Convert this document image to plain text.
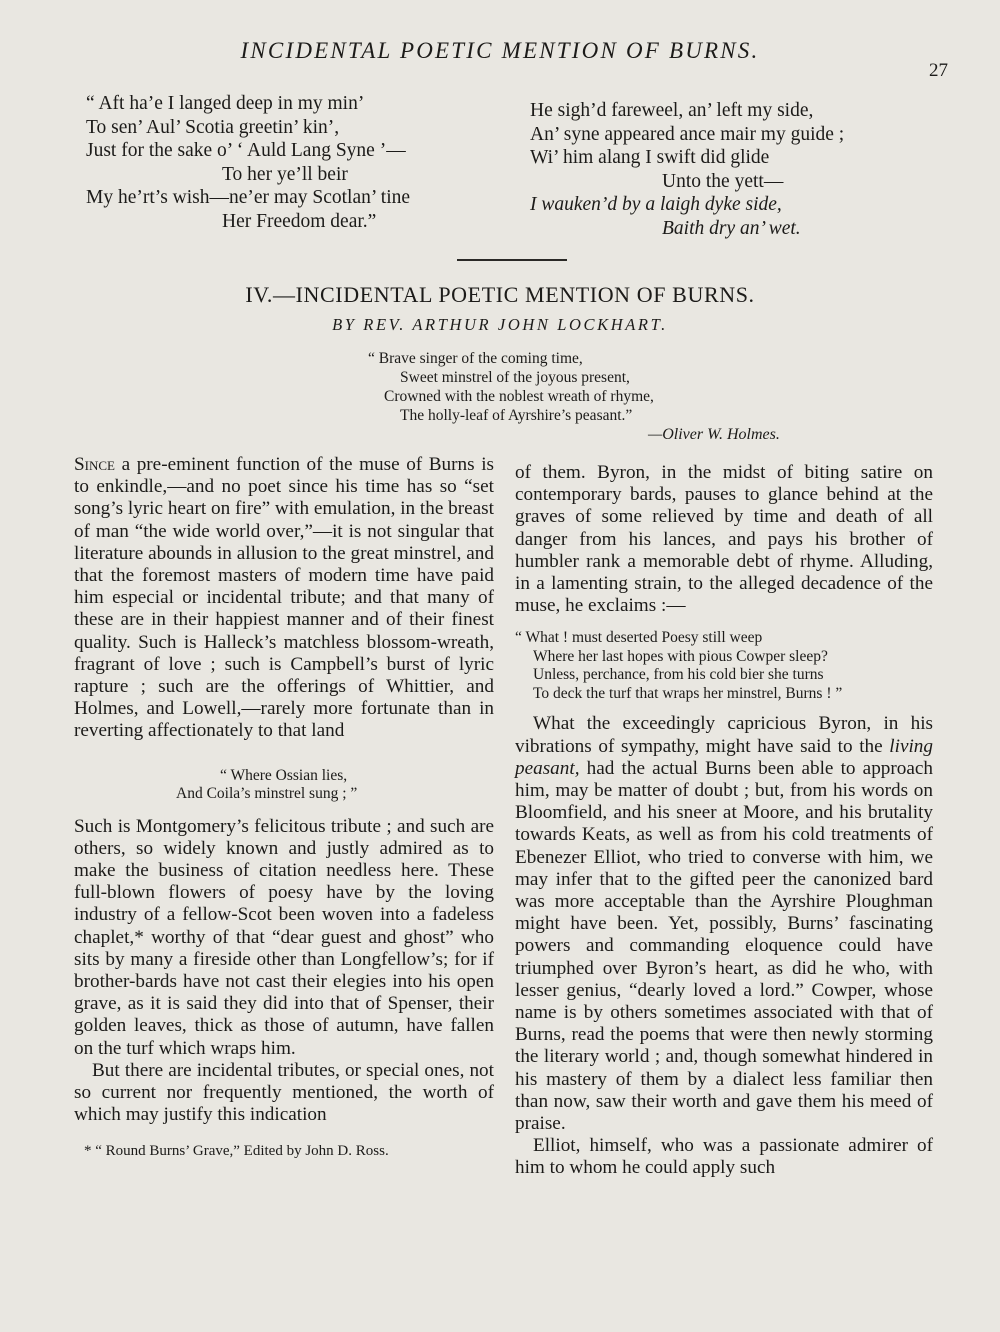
INCIDENTAL POETIC MENTION OF BURNS.
27
“ Aft ha’e I langed deep in my min’
To sen’ Aul’ Scotia greetin’ kin’,
Just for the sake o’ ‘ Auld Lang Syne ’—
To her ye’ll beir
My he’rt’s wish—ne’er may Scotlan’ tine
Her Freedom dear.”
He sigh’d fareweel, an’ left my side,
An’ syne appeared ance mair my guide ;
Wi’ him alang I swift did glide
Unto the yett—
I wauken’d by a laigh dyke side,
Baith dry an’ wet.
IV.—INCIDENTAL POETIC MENTION OF BURNS.
BY REV. ARTHUR JOHN LOCKHART.
“ Brave singer of the coming time,
Sweet minstrel of the joyous present,
Crowned with the noblest wreath of rhyme,
The holly-leaf of Ayrshire’s peasant.”
—Oliver W. Holmes.

Since a pre-eminent function of the muse of Burns is to enkindle,—and no poet since his time has so “set song’s lyric heart on fire” with emulation, in the breast of man “the wide world over,”—it is not singular that literature abounds in allusion to the great minstrel, and that the foremost masters of modern time have paid him especial or incidental tribute; and that many of these are in their happiest manner and of their finest quality. Such is Halleck’s matchless blossom-wreath, fragrant of love ; such is Campbell’s burst of lyric rapture ; such are the offerings of Whittier, and Holmes, and Lowell,—rarely more fortunate than in reverting affectionately to that land

“ Where Ossian lies,
And Coila’s minstrel sung ; ”

Such is Montgomery’s felicitous tribute ; and such are others, so widely known and justly admired as to make the business of citation needless here. These full-blown flowers of poesy have by the loving industry of a fellow-Scot been woven into a fadeless chaplet,* worthy of that “dear guest and ghost” who sits by many a fireside other than Longfellow’s; for if brother-bards have not cast their elegies into his open grave, as it is said they did into that of Spenser, their golden leaves, thick as those of autumn, have fallen on the turf which wraps him.

But there are incidental tributes, or special ones, not so current nor frequently mentioned, the worth of which may justify this indication

* “ Round Burns’ Grave,” Edited by John D. Ross.

of them. Byron, in the midst of biting satire on contemporary bards, pauses to glance behind at the graves of some relieved by time and death of all danger from his lances, and pays his brother of humbler rank a memorable debt of rhyme. Alluding, in a lamenting strain, to the alleged decadence of the muse, he exclaims :—

“ What ! must deserted Poesy still weep
Where her last hopes with pious Cowper sleep?
Unless, perchance, from his cold bier she turns
To deck the turf that wraps her minstrel, Burns ! ”

What the exceedingly capricious Byron, in his vibrations of sympathy, might have said to the living peasant, had the actual Burns been able to approach him, may be matter of doubt ; but, from his words on Bloomfield, and his sneer at Moore, and his brutality towards Keats, as well as from his cold treatments of Ebenezer Elliot, who tried to converse with him, we may infer that to the gifted peer the canonized bard was more acceptable than the Ayrshire Ploughman might have been. Yet, possibly, Burns’ fascinating powers and commanding eloquence could have triumphed over Byron’s heart, as did he who, with lesser genius, “dearly loved a lord.” Cowper, whose name is by others sometimes associated with that of Burns, read the poems that were then newly storming the literary world ; and, though somewhat hindered in his mastery of them by a dialect less familiar then than now, saw their worth and gave them his meed of praise.

Elliot, himself, who was a passionate admirer of him to whom he could apply such
